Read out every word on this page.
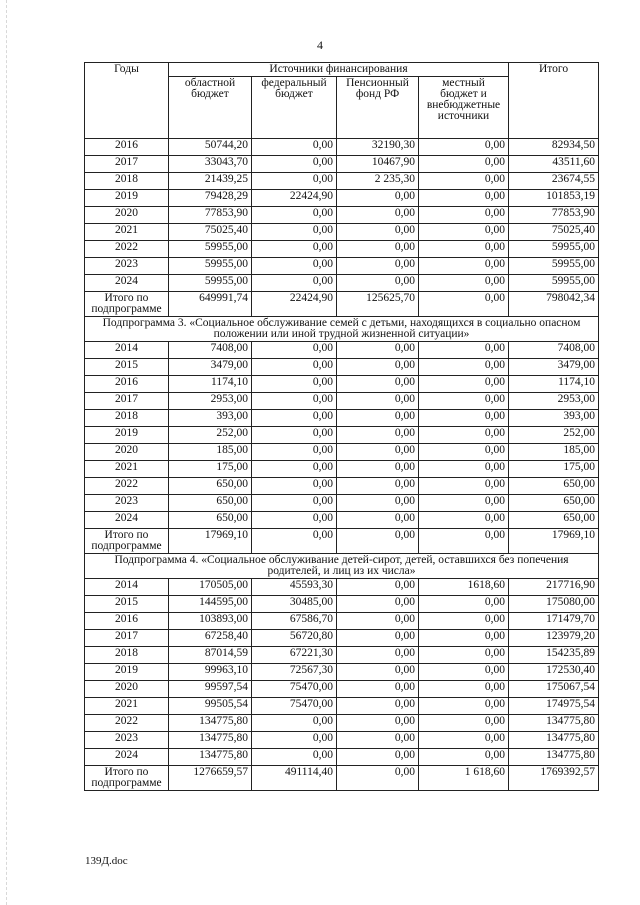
4
Годы	Источники финансирования				Итого
	областной бюджет	федеральный бюджет	Пенсионный фонд РФ	местный бюджет и внебюджетные источники	
2016	50744,20	0,00	32190,30	0,00	82934,50
2017	33043,70	0,00	10467,90	0,00	43511,60
2018	21439,25	0,00	2 235,30	0,00	23674,55
2019	79428,29	22424,90	0,00	0,00	101853,19
2020	77853,90	0,00	0,00	0,00	77853,90
2021	75025,40	0,00	0,00	0,00	75025,40
2022	59955,00	0,00	0,00	0,00	59955,00
2023	59955,00	0,00	0,00	0,00	59955,00
2024	59955,00	0,00	0,00	0,00	59955,00
Итого по подпрограмме	649991,74	22424,90	125625,70	0,00	798042,34
Подпрограмма 3. «Социальное обслуживание семей с детьми, находящихся в социально опасном положении или иной трудной жизненной ситуации»					
2014	7408,00	0,00	0,00	0,00	7408,00
2015	3479,00	0,00	0,00	0,00	3479,00
2016	1174,10	0,00	0,00	0,00	1174,10
2017	2953,00	0,00	0,00	0,00	2953,00
2018	393,00	0,00	0,00	0,00	393,00
2019	252,00	0,00	0,00	0,00	252,00
2020	185,00	0,00	0,00	0,00	185,00
2021	175,00	0,00	0,00	0,00	175,00
2022	650,00	0,00	0,00	0,00	650,00
2023	650,00	0,00	0,00	0,00	650,00
2024	650,00	0,00	0,00	0,00	650,00
Итого по подпрограмме	17969,10	0,00	0,00	0,00	17969,10
Подпрограмма 4. «Социальное обслуживание детей-сирот, детей, оставшихся без попечения родителей, и лиц из их числа»					
2014	170505,00	45593,30	0,00	1618,60	217716,90
2015	144595,00	30485,00	0,00	0,00	175080,00
2016	103893,00	67586,70	0,00	0,00	171479,70
2017	67258,40	56720,80	0,00	0,00	123979,20
2018	87014,59	67221,30	0,00	0,00	154235,89
2019	99963,10	72567,30	0,00	0,00	172530,40
2020	99597,54	75470,00	0,00	0,00	175067,54
2021	99505,54	75470,00	0,00	0,00	174975,54
2022	134775,80	0,00	0,00	0,00	134775,80
2023	134775,80	0,00	0,00	0,00	134775,80
2024	134775,80	0,00	0,00	0,00	134775,80
Итого по подпрограмме	1276659,57	491114,40	0,00	1 618,60	1769392,57
139Д.doc
